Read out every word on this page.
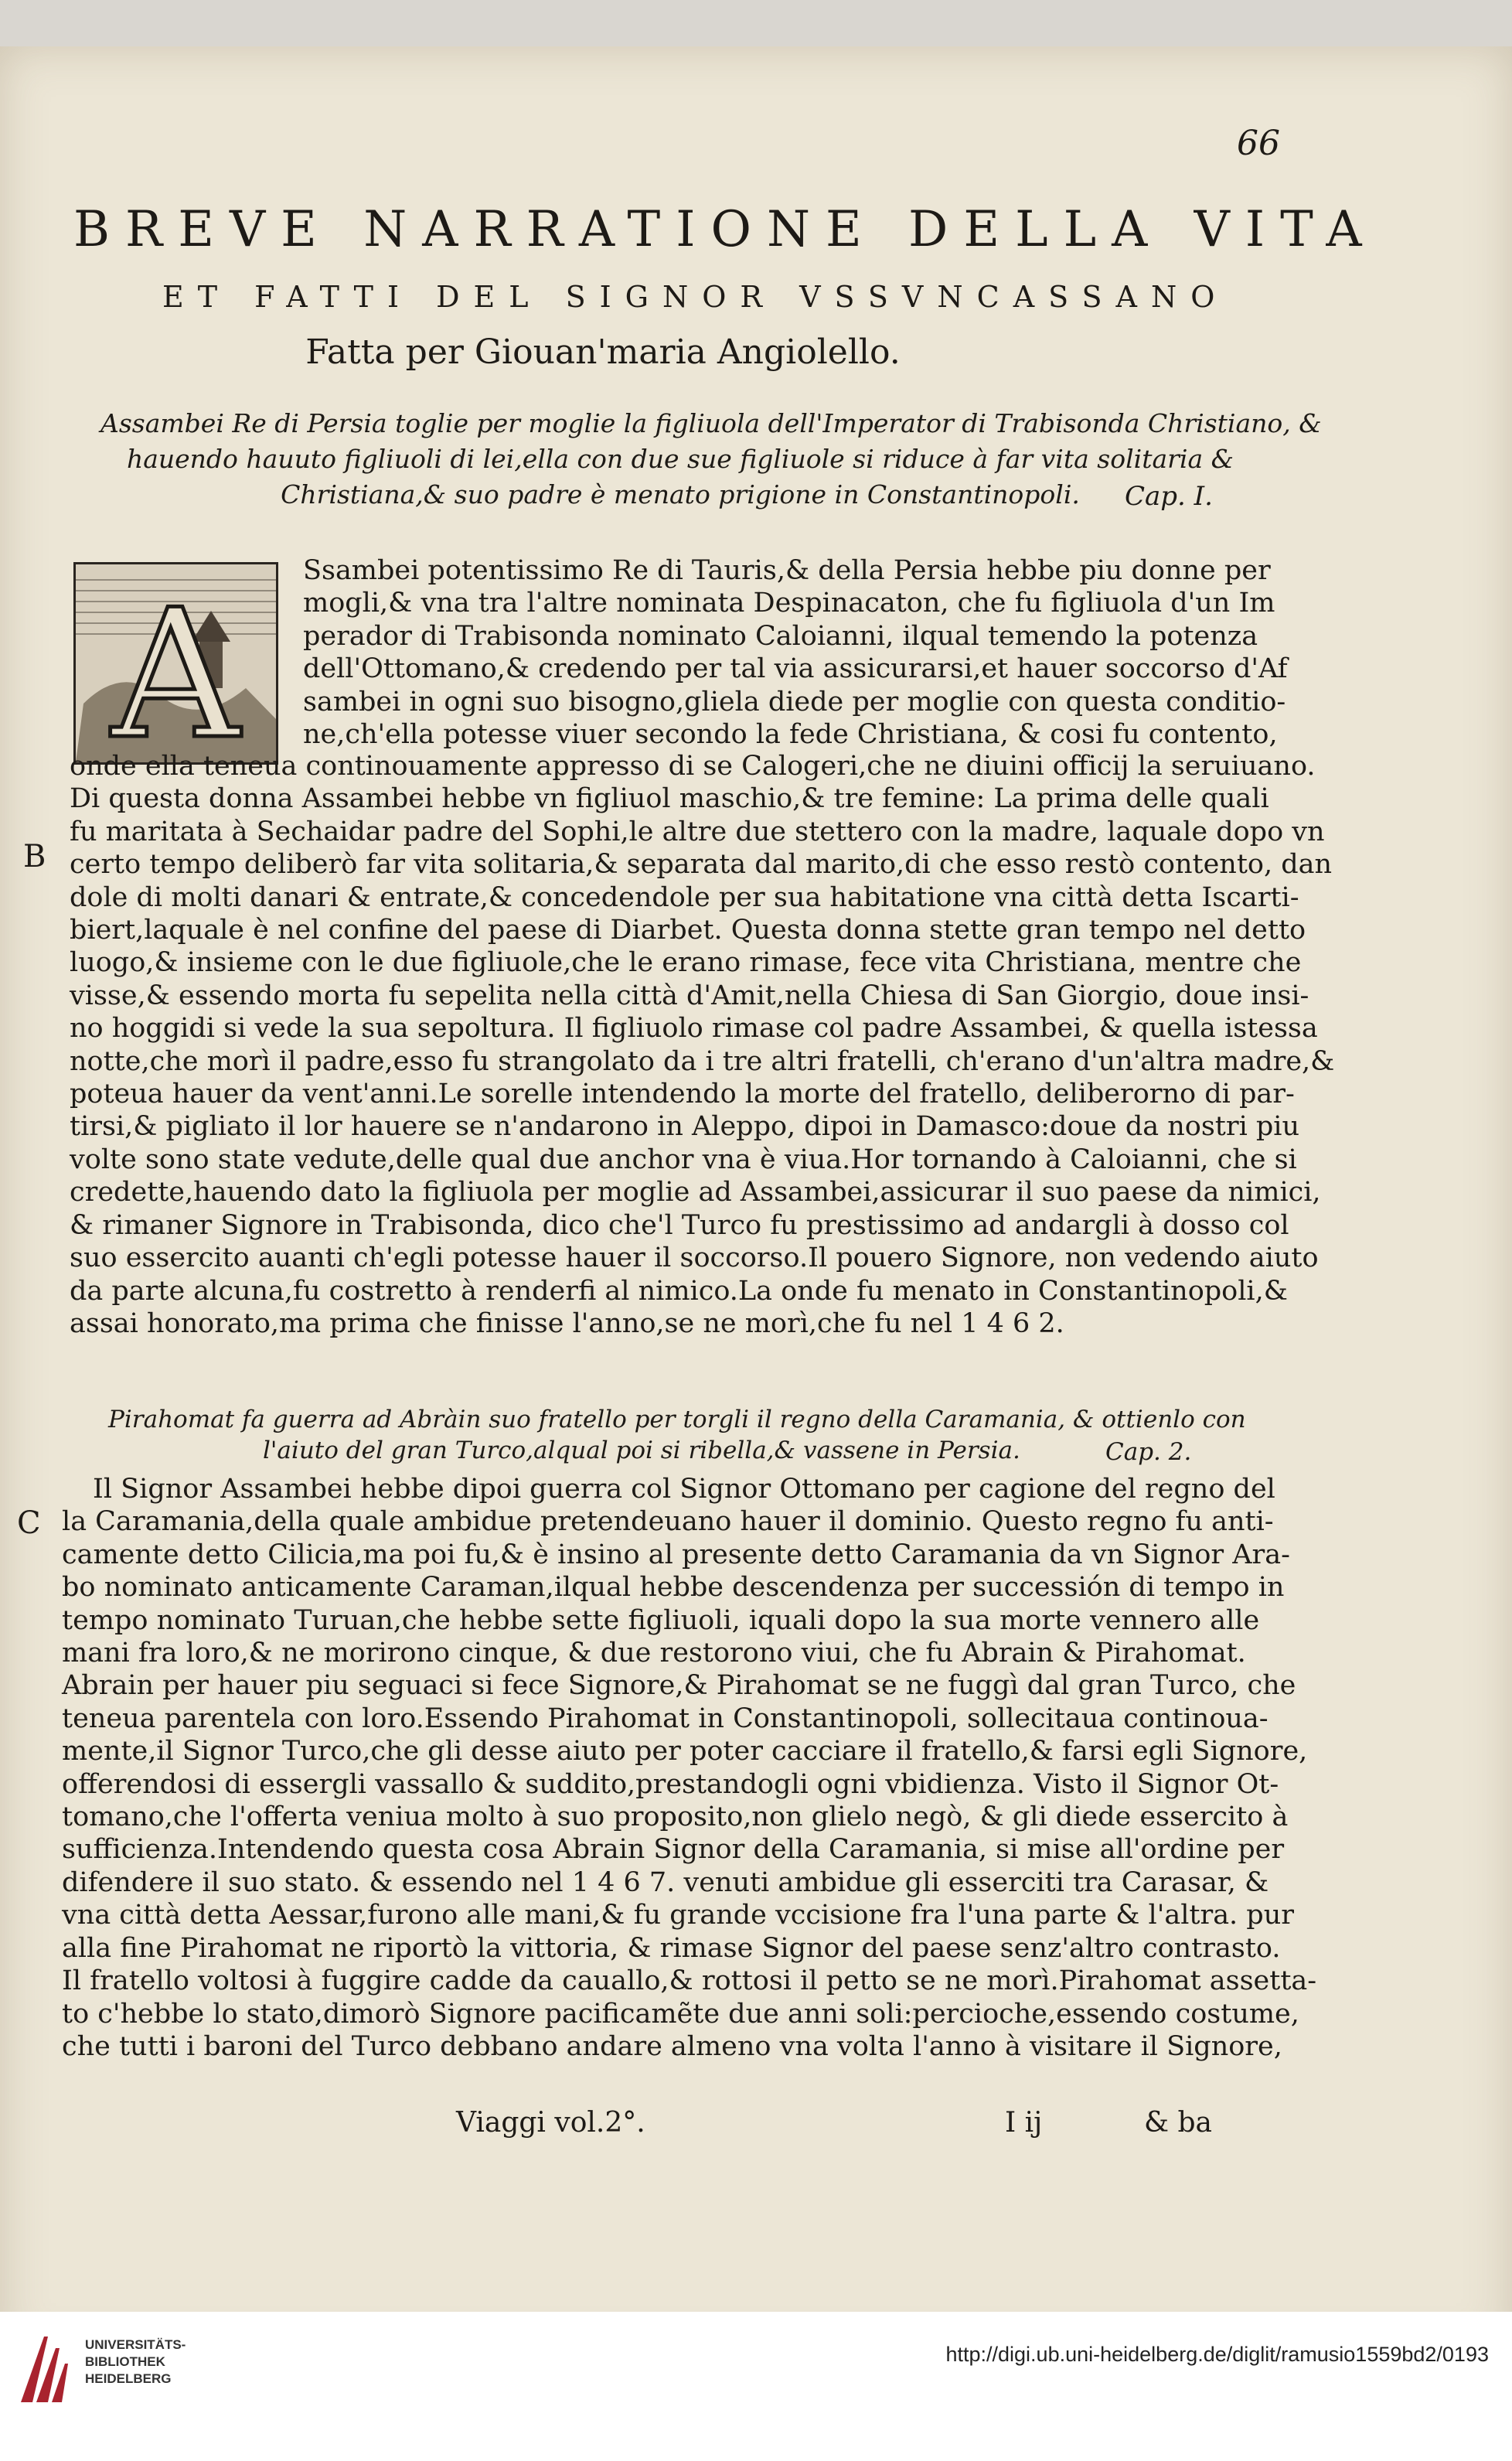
66
BREVE NARRATIONE DELLA VITA
ET FATTI DEL SIGNOR VSSVNCASSANO
Fatta per Giouan'maria Angiolello.

Assambei Re di Persia toglie per moglie la figliuola dell'Imperator di Trabisonda Christiano, &

hauendo hauuto figliuoli di lei,ella con due sue figliuole si riduce à far vita solitaria &

Christiana,& suo padre è menato prigione in Constantinopoli.	Cap. I.
A

Ssambei potentissimo Re di Tauris,& della Persia hebbe piu donne per

mogli,& vna tra l'altre nominata Despinacaton, che fu figliuola d'un Im

perador di Trabisonda nominato Caloianni, ilqual temendo la potenza

dell'Ottomano,& credendo per tal via assicurarsi,et hauer soccorso d'Af

sambei in ogni suo bisogno,gliela diede per moglie con questa conditio-

ne,ch'ella potesse viuer secondo la fede Christiana, & cosi fu contento,

onde ella teneua continouamente appresso di se Calogeri,che ne diuini officij la seruiuano.

Di questa donna Assambei hebbe vn figliuol maschio,& tre femine: La prima delle quali

fu maritata à Sechaidar padre del Sophi,le altre due stettero con la madre, laquale dopo vn

certo tempo deliberò far vita solitaria,& separata dal marito,di che esso restò contento, dan

dole di molti danari & entrate,& concedendole per sua habitatione vna città detta Iscarti-

biert,laquale è nel confine del paese di Diarbet. Questa donna stette gran tempo nel detto

luogo,& insieme con le due figliuole,che le erano rimase, fece vita Christiana, mentre che

visse,& essendo morta fu sepelita nella città d'Amit,nella Chiesa di San Giorgio, doue insi-

no hoggidi si vede la sua sepoltura. Il figliuolo rimase col padre Assambei, & quella istessa

notte,che morì il padre,esso fu strangolato da i tre altri fratelli, ch'erano d'un'altra madre,&

poteua hauer da vent'anni.Le sorelle intendendo la morte del fratello, deliberorno di par-

tirsi,& pigliato il lor hauere se n'andarono in Aleppo, dipoi in Damasco:doue da nostri piu

volte sono state vedute,delle qual due anchor vna è viua.Hor tornando à Caloianni, che si

credette,hauendo dato la figliuola per moglie ad Assambei,assicurar il suo paese da nimici,

& rimaner Signore in Trabisonda, dico che'l Turco fu prestissimo ad andargli à dosso col

suo essercito auanti ch'egli potesse hauer il soccorso.Il pouero Signore, non vedendo aiuto

da parte alcuna,fu costretto à renderfi al nimico.La onde fu menato in Constantinopoli,&

assai honorato,ma prima che finisse l'anno,se ne morì,che fu nel 1 4 6 2.

B

Pirahomat fa guerra ad Abràin suo fratello per torgli il regno della Caramania, & ottienlo con

l'aiuto del gran Turco,alqual poi si ribella,& vassene in Persia.	Cap. 2.
C

Il Signor Assambei hebbe dipoi guerra col Signor Ottomano per cagione del regno del

la Caramania,della quale ambidue pretendeuano hauer il dominio. Questo regno fu anti-

camente detto Cilicia,ma poi fu,& è insino al presente detto Caramania da vn Signor Ara-

bo nominato anticamente Caraman,ilqual hebbe descendenza per successión di tempo in

tempo nominato Turuan,che hebbe sette figliuoli, iquali dopo la sua morte vennero alle

mani fra loro,& ne morirono cinque, & due restorono viui, che fu Abrain & Pirahomat.

Abrain per hauer piu seguaci si fece Signore,& Pirahomat se ne fuggì dal gran Turco, che

teneua parentela con loro.Essendo Pirahomat in Constantinopoli, sollecitaua continoua-

mente,il Signor Turco,che gli desse aiuto per poter cacciare il fratello,& farsi egli Signore,

offerendosi di essergli vassallo & suddito,prestandogli ogni vbidienza. Visto il Signor Ot-

tomano,che l'offerta veniua molto à suo proposito,non glielo negò, & gli diede essercito à

sufficienza.Intendendo questa cosa Abrain Signor della Caramania, si mise all'ordine per

difendere il suo stato. & essendo nel 1 4 6 7. venuti ambidue gli esserciti tra Carasar, &

vna città detta Aessar,furono alle mani,& fu grande vccisione fra l'una parte & l'altra. pur

alla fine Pirahomat ne riportò la vittoria, & rimase Signor del paese senz'altro contrasto.

Il fratello voltosi à fuggire cadde da cauallo,& rottosi il petto se ne morì.Pirahomat assetta-

to c'hebbe lo stato,dimorò Signore pacificamẽte due anni soli:percioche,essendo costume,

che tutti i baroni del Turco debbano andare almeno vna volta l'anno à visitare il Signore,

Viaggi vol.2°.	I ij	& ba
UNIVERSITÄTS-
BIBLIOTHEK
HEIDELBERG
http://digi.ub.uni-heidelberg.de/diglit/ramusio1559bd2/0193
